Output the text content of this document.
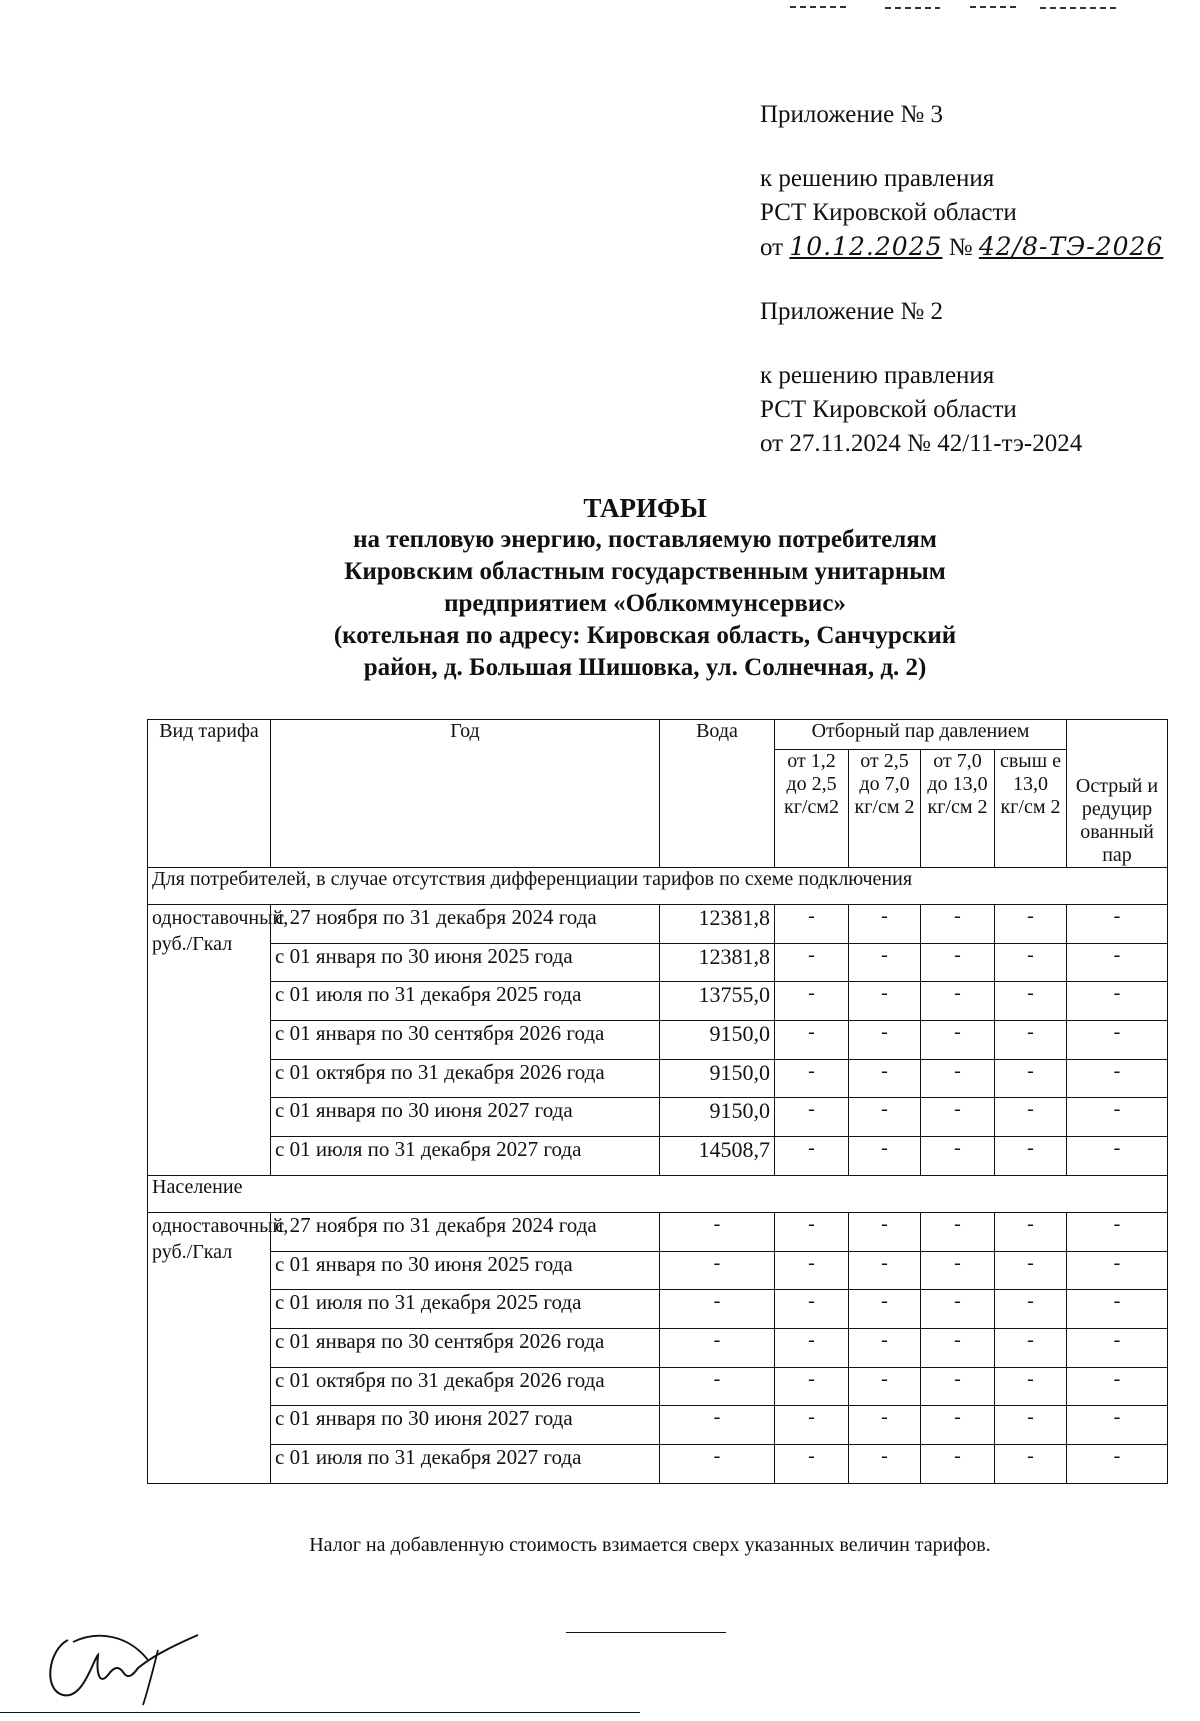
Приложение № 3
к решению правления
РСТ Кировской области
от 10.12.2025 № 42/8-ТЭ-2026
Приложение № 2
к решению правления
РСТ Кировской области
от 27.11.2024 № 42/11-тэ-2024
ТАРИФЫ
на тепловую энергию, поставляемую потребителям
Кировским областным государственным унитарным
предприятием «Облкоммунсервис»
(котельная по адресу: Кировская область, Санчурский
район, д. Большая Шишовка, ул. Солнечная, д. 2)
Вид тарифа	Год	Вода	Отборный пар давлением				Острый и редуцир ованный пар
			от 1,2 до 2,5 кг/см2	от 2,5 до 7,0 кг/см 2	от 7,0 до 13,0 кг/см 2	свыш е 13,0 кг/см 2	
Для потребителей, в случае отсутствия дифференциации тарифов по схеме подключения							
одноставочный, руб./Гкал	с 27 ноября по 31 декабря 2024 года	12381,8	-	-	-	-	-
	с 01 января по 30 июня 2025 года	12381,8	-	-	-	-	-
	с 01 июля по 31 декабря 2025 года	13755,0	-	-	-	-	-
	с 01 января по 30 сентября 2026 года	9150,0	-	-	-	-	-
	с 01 октября по 31 декабря 2026 года	9150,0	-	-	-	-	-
	с 01 января по 30 июня 2027 года	9150,0	-	-	-	-	-
	с 01 июля по 31 декабря 2027 года	14508,7	-	-	-	-	-
Население							
одноставочный, руб./Гкал	с 27 ноября по 31 декабря 2024 года	-	-	-	-	-	-
	с 01 января по 30 июня 2025 года	-	-	-	-	-	-
	с 01 июля по 31 декабря 2025 года	-	-	-	-	-	-
	с 01 января по 30 сентября 2026 года	-	-	-	-	-	-
	с 01 октября по 31 декабря 2026 года	-	-	-	-	-	-
	с 01 января по 30 июня 2027 года	-	-	-	-	-	-
	с 01 июля по 31 декабря 2027 года	-	-	-	-	-	-
Налог на добавленную стоимость взимается сверх указанных величин тарифов.
